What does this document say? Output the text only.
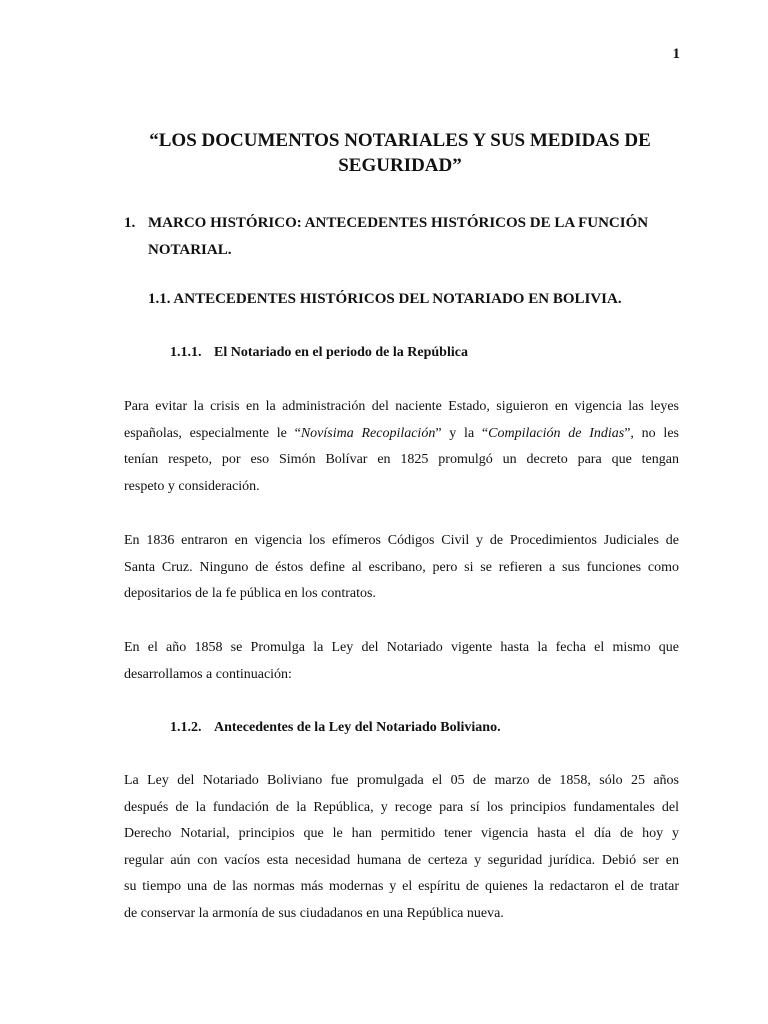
1
“LOS DOCUMENTOS NOTARIALES Y SUS MEDIDAS DE SEGURIDAD”
1. MARCO HISTÓRICO: ANTECEDENTES HISTÓRICOS DE LA FUNCIÓN NOTARIAL.
1.1. ANTECEDENTES HISTÓRICOS DEL NOTARIADO EN BOLIVIA.
1.1.1. El Notariado en el periodo de la República
Para evitar la crisis en la administración del naciente Estado, siguieron en vigencia las leyes
españolas, especialmente le “Novísima Recopilación” y la “Compilación de Indias”, no les
tenían respeto, por eso Simón Bolívar en 1825 promulgó un decreto para que tengan
respeto y consideración.
En 1836 entraron en vigencia los efímeros Códigos Civil y de Procedimientos Judiciales de
Santa Cruz. Ninguno de éstos define al escribano, pero si se refieren a sus funciones como
depositarios de la fe pública en los contratos.
En el año 1858 se Promulga la Ley del Notariado vigente hasta la fecha el mismo que
desarrollamos a continuación:
1.1.2. Antecedentes de la Ley del Notariado Boliviano.
La Ley del Notariado Boliviano fue promulgada el 05 de marzo de 1858, sólo 25 años
después de la fundación de la República, y recoge para sí los principios fundamentales del
Derecho Notarial, principios que le han permitido tener vigencia hasta el día de hoy y
regular aún con vacíos esta necesidad humana de certeza y seguridad jurídica. Debió ser en
su tiempo una de las normas más modernas y el espíritu de quienes la redactaron el de tratar
de conservar la armonía de sus ciudadanos en una República nueva.
